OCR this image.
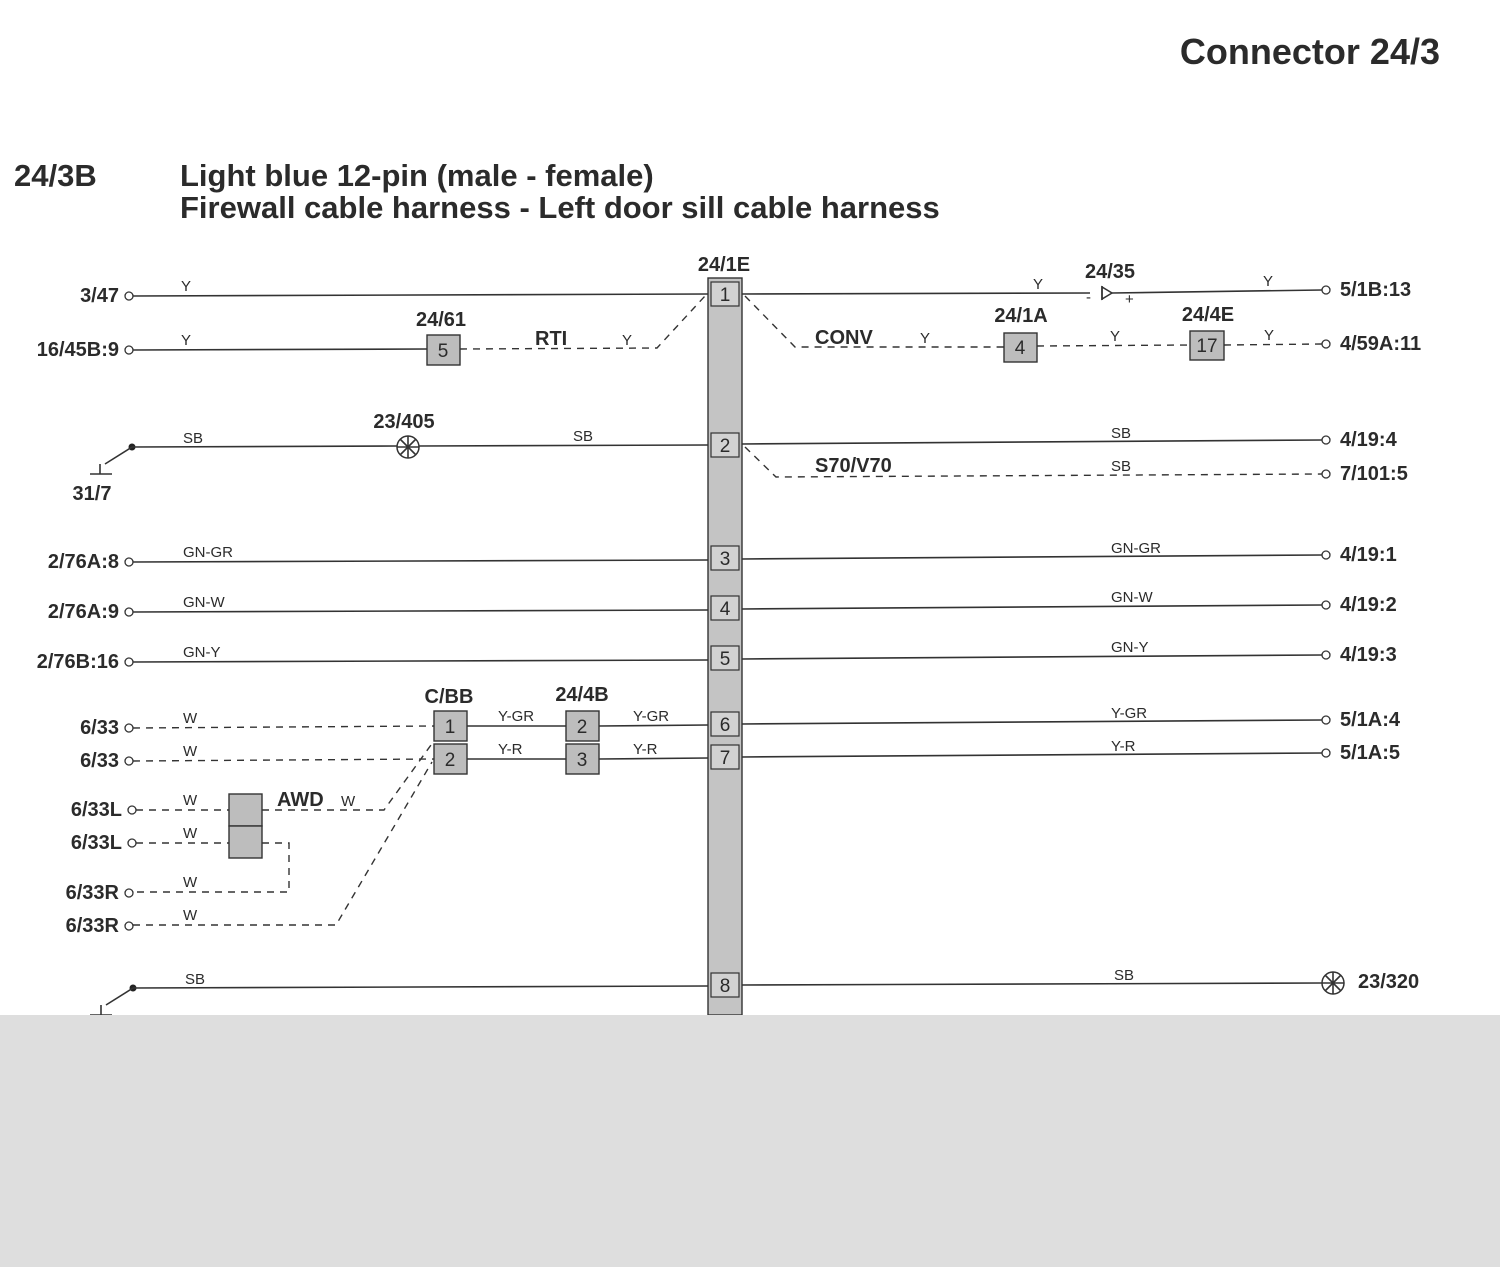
Connector 24/3
24/3B	Light blue 12-pin (male - female)
Firewall cable harness - Left door sill cable harness
24/1E
1
2
3
4
5
6
7
8
3/47	Y	Y
24/35
- +
Y	5/1B:13
16/45B:9	Y
24/61
5
RTI	Y	CONV	Y
24/1A
4
Y
24/4E
17
Y	4/59A:11
31/7
SB
23/405
SB	SB	4/19:4
S70/V70	SB	7/101:5
2/76A:8	GN-GR	GN-GR	4/19:1
2/76A:9	GN-W	GN-W	4/19:2
2/76B:16	GN-Y	GN-Y	4/19:3
6/33	W
6/33	W
C/BB
1
2
Y-GR
Y-R
24/4B
2
3
Y-GR
Y-R
Y-GR	5/1A:4
Y-R	5/1A:5
6/33L	W
6/33L	W
AWD W
6/33R	W
6/33R	W
SB	SB	23/320
